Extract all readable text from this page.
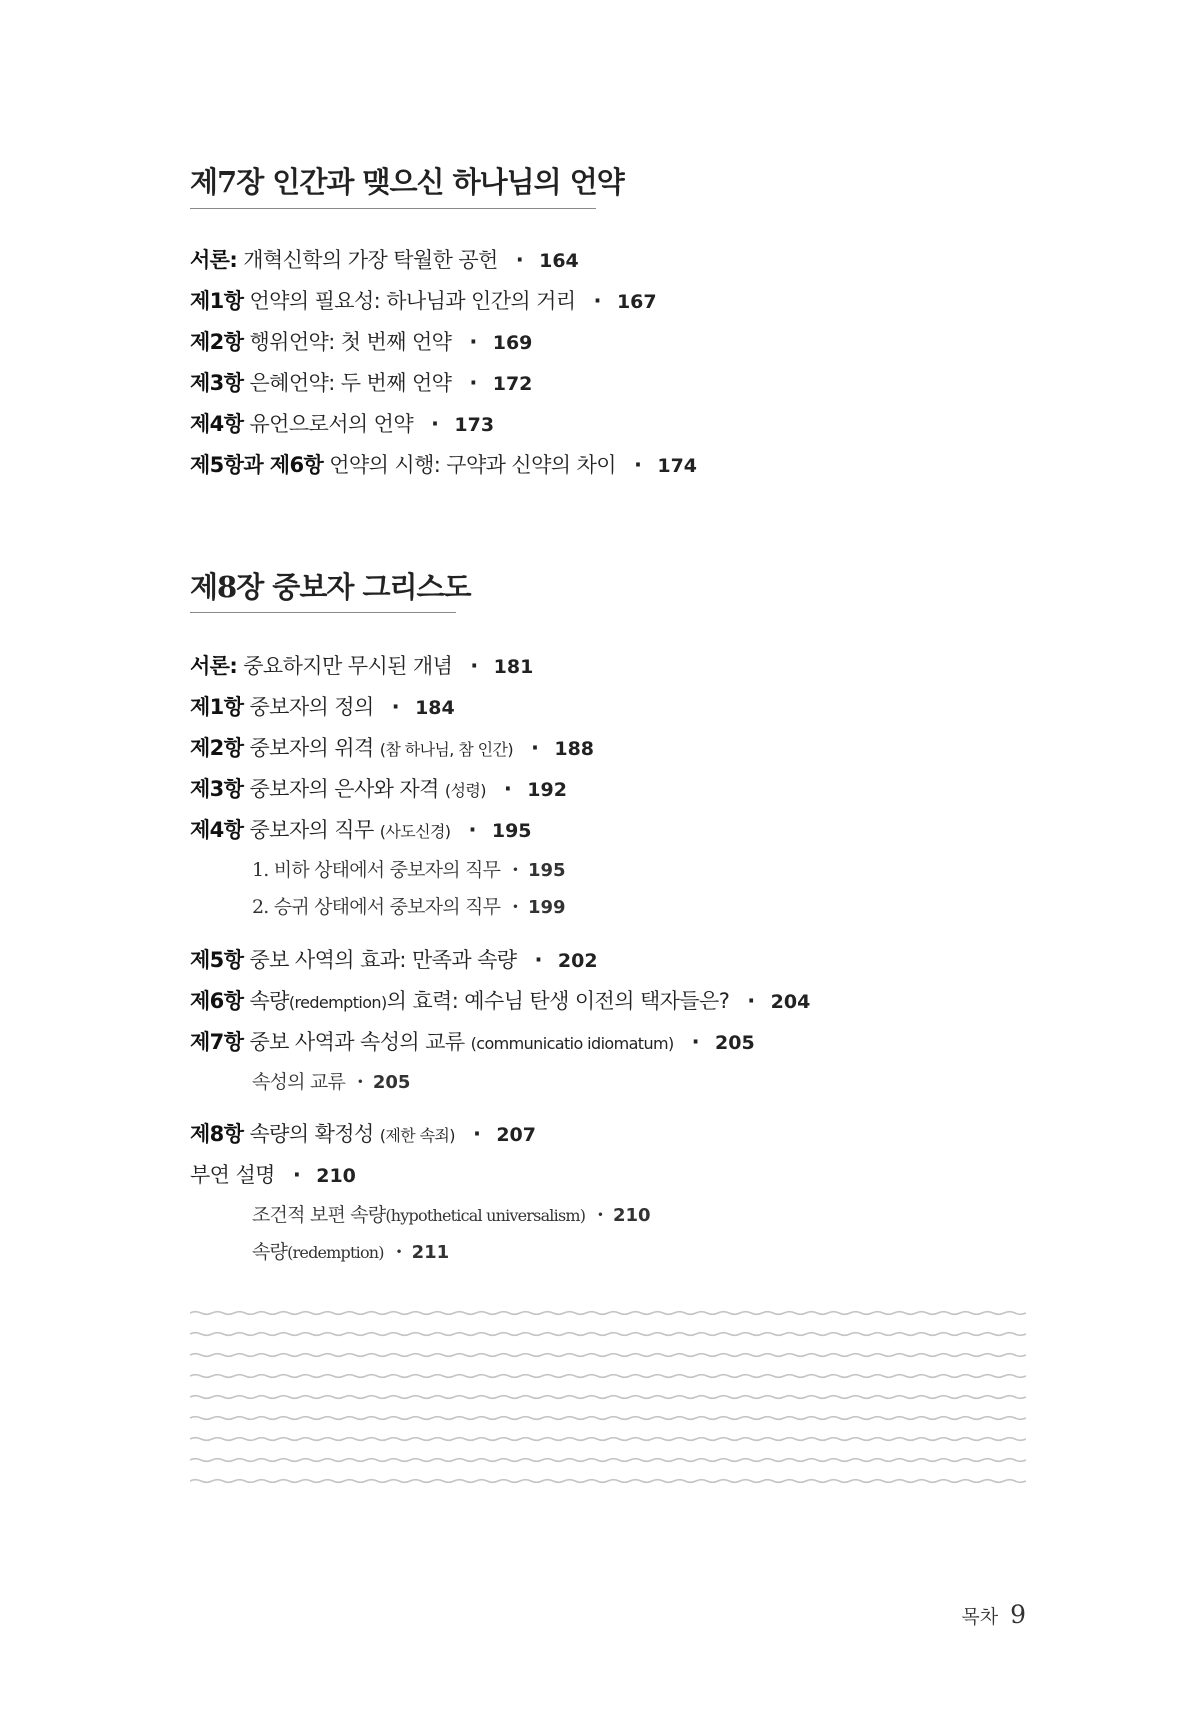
제7장 인간과 맺으신 하나님의 언약
서론: 개혁신학의 가장 탁월한 공헌 · 164
제1항 언약의 필요성: 하나님과 인간의 거리 · 167
제2항 행위언약: 첫 번째 언약 · 169
제3항 은혜언약: 두 번째 언약 · 172
제4항 유언으로서의 언약 · 173
제5항과 제6항 언약의 시행: 구약과 신약의 차이 · 174
제8장 중보자 그리스도
서론: 중요하지만 무시된 개념 · 181
제1항 중보자의 정의 · 184
제2항 중보자의 위격 (참 하나님, 참 인간) · 188
제3항 중보자의 은사와 자격 (성령) · 192
제4항 중보자의 직무 (사도신경) · 195
1. 비하 상태에서 중보자의 직무 · 195
2. 승귀 상태에서 중보자의 직무 · 199
제5항 중보 사역의 효과: 만족과 속량 · 202
제6항 속량(redemption)의 효력: 예수님 탄생 이전의 택자들은? · 204
제7항 중보 사역과 속성의 교류 (communicatio idiomatum) · 205
속성의 교류 · 205
제8항 속량의 확정성 (제한 속죄) · 207
부연 설명 · 210
조건적 보편 속량(hypothetical universalism) · 210
속량(redemption) · 211
목차 9
